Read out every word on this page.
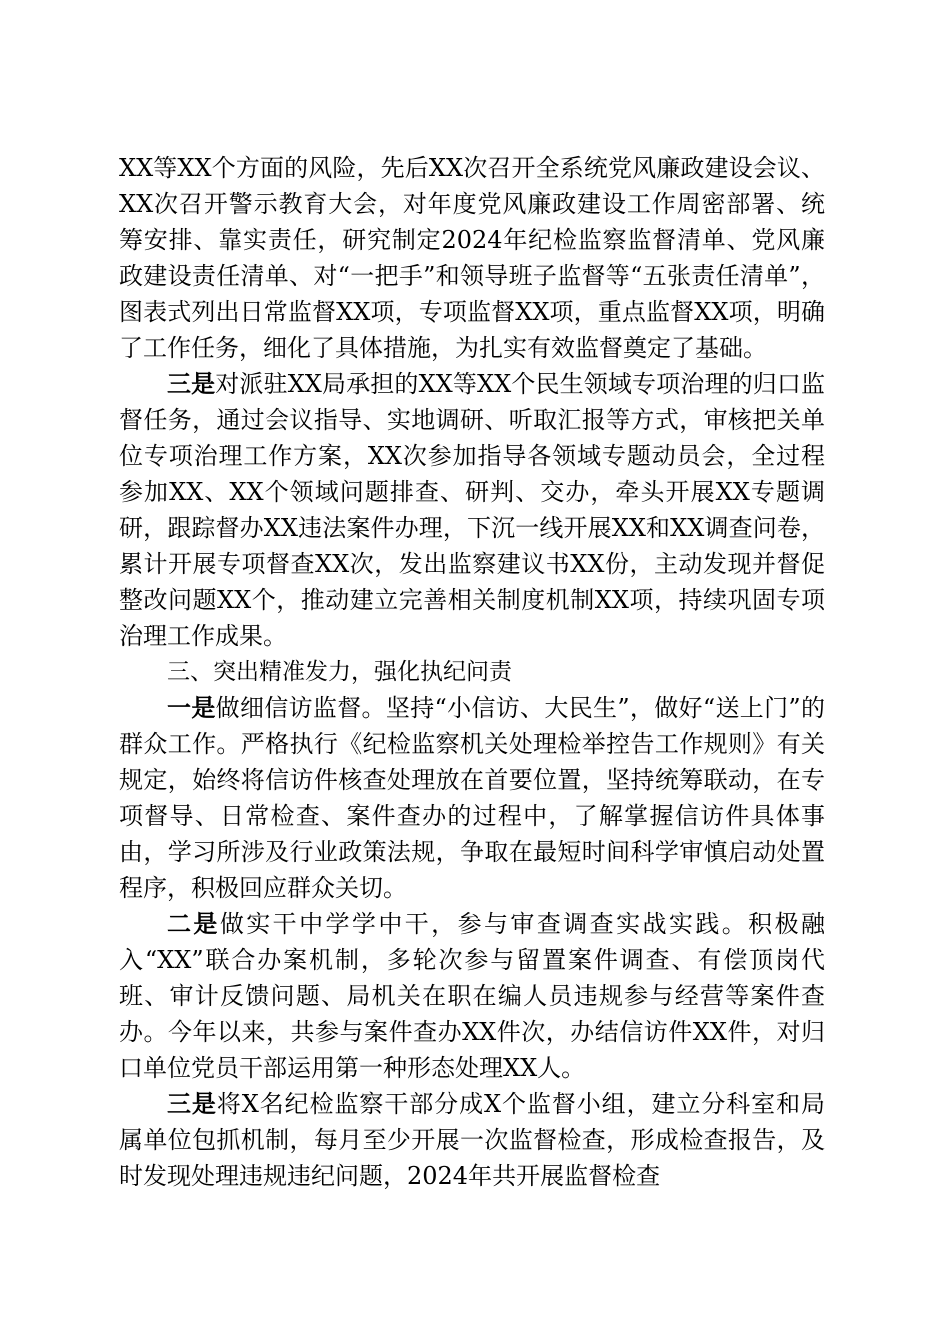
XX等XX个方面的风险，先后XX次召开全系统党风廉政建设会议、XX次召开警示教育大会，对年度党风廉政建设工作周密部署、统筹安排、靠实责任，研究制定2024年纪检监察监督清单、党风廉政建设责任清单、对“一把手”和领导班子监督等“五张责任清单”，图表式列出日常监督XX项，专项监督XX项，重点监督XX项，明确了工作任务，细化了具体措施，为扎实有效监督奠定了基础。

三是对派驻XX局承担的XX等XX个民生领域专项治理的归口监督任务，通过会议指导、实地调研、听取汇报等方式，审核把关单位专项治理工作方案，XX次参加指导各领域专题动员会，全过程参加XX、XX个领域问题排查、研判、交办，牵头开展XX专题调研，跟踪督办XX违法案件办理，下沉一线开展XX和XX调查问卷，累计开展专项督查XX次，发出监察建议书XX份，主动发现并督促整改问题XX个，推动建立完善相关制度机制XX项，持续巩固专项治理工作成果。

三、突出精准发力，强化执纪问责

一是做细信访监督。坚持“小信访、大民生”，做好“送上门”的群众工作。严格执行《纪检监察机关处理检举控告工作规则》有关规定，始终将信访件核查处理放在首要位置，坚持统筹联动，在专项督导、日常检查、案件查办的过程中，了解掌握信访件具体事由，学习所涉及行业政策法规，争取在最短时间科学审慎启动处置程序，积极回应群众关切。

二是做实干中学学中干，参与审查调查实战实践。积极融入“XX”联合办案机制，多轮次参与留置案件调查、有偿顶岗代班、审计反馈问题、局机关在职在编人员违规参与经营等案件查办。今年以来，共参与案件查办XX件次，办结信访件XX件，对归口单位党员干部运用第一种形态处理XX人。

三是将X名纪检监察干部分成X个监督小组，建立分科室和局属单位包抓机制，每月至少开展一次监督检查，形成检查报告，及时发现处理违规违纪问题，2024年共开展监督检查
